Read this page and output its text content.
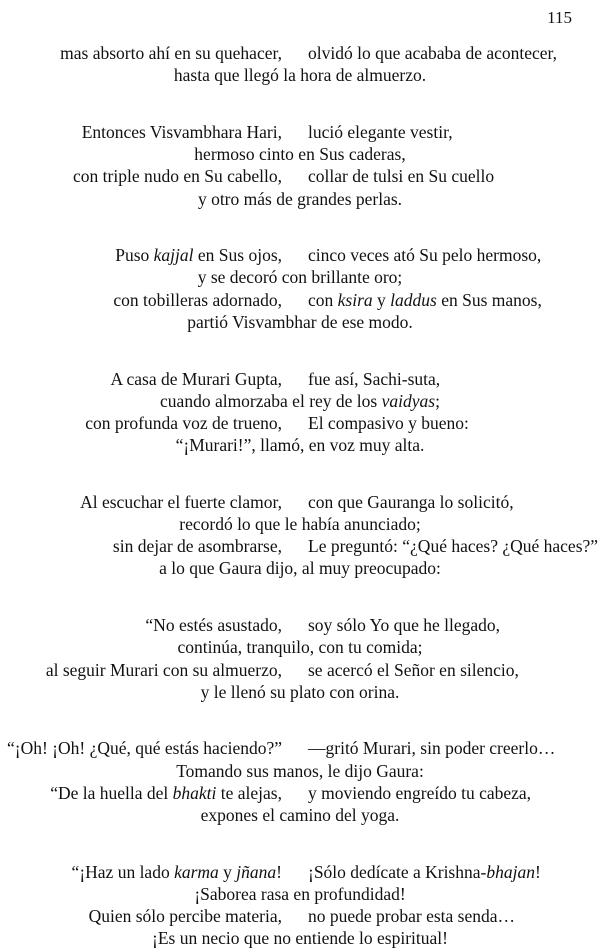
115
mas absorto ahí en su quehacer, olvidó lo que acababa de acontecer,
hasta que llegó la hora de almuerzo.
Entonces Visvambhara Hari, lució elegante vestir,
hermoso cinto en Sus caderas,
con triple nudo en Su cabello, collar de tulsi en Su cuello
y otro más de grandes perlas.
Puso kajjal en Sus ojos, cinco veces ató Su pelo hermoso,
y se decoró con brillante oro;
con tobilleras adornado, con ksira y laddus en Sus manos,
partió Visvambhar de ese modo.
A casa de Murari Gupta, fue así, Sachi-suta,
cuando almorzaba el rey de los vaidyas;
con profunda voz de trueno, El compasivo y bueno:
“¡Murari!”, llamó, en voz muy alta.
Al escuchar el fuerte clamor, con que Gauranga lo solicitó,
recordó lo que le había anunciado;
sin dejar de asombrarse, Le preguntó: “¿Qué haces? ¿Qué haces?”
a lo que Gaura dijo, al muy preocupado:
“No estés asustado, soy sólo Yo que he llegado,
continúa, tranquilo, con tu comida;
al seguir Murari con su almuerzo, se acercó el Señor en silencio,
y le llenó su plato con orina.
“¡Oh! ¡Oh! ¿Qué, qué estás haciendo?” —gritó Murari, sin poder creerlo…
Tomando sus manos, le dijo Gaura:
“De la huella del bhakti te alejas, y moviendo engreído tu cabeza,
expones el camino del yoga.
“¡Haz un lado karma y jñana! ¡Sólo dedícate a Krishna-bhajan!
¡Saborea rasa en profundidad!
Quien sólo percibe materia, no puede probar esta senda…
¡Es un necio que no entiende lo espiritual!
